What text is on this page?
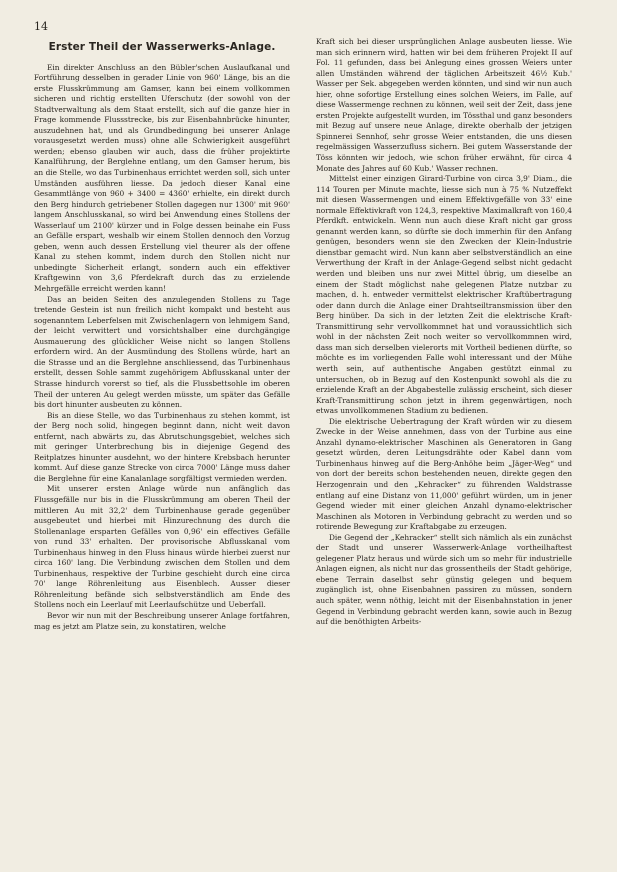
14
Erster Theil der Wasserwerks-Anlage.

Ein direkter Anschluss an den Bübler'schen Auslaufkanal und Fortführung desselben in gerader Linie von 960' Länge, bis an die erste Flusskrümmung am Gamser, kann bei einem vollkommen sicheren und richtig erstellten Uferschutz (der sowohl von der Stadtverwaltung als dem Staat erstellt, sich auf die ganze hier in Frage kommende Flussstrecke, bis zur Eisenbahnbrücke hinunter, auszudehnen hat, und als Grundbedingung bei unserer Anlage vorausgesetzt werden muss) ohne alle Schwierigkeit ausgeführt werden; ebenso glauben wir auch, dass die früher projektirte Kanalführung, der Berglehne entlang, um den Gamser herum, bis an die Stelle, wo das Turbinenhaus errichtet werden soll, sich unter Umständen ausführen liesse. Da jedoch dieser Kanal eine Gesammtlänge von 960 + 3400 = 4360' erhielte, ein direkt durch den Berg hindurch getriebener Stollen dagegen nur 1300' mit 960' langem Anschlusskanal, so wird bei Anwendung eines Stollens der Wasserlauf um 2100' kürzer und in Folge dessen beinahe ein Fuss an Gefälle erspart, weshalb wir einem Stollen dennoch den Vorzug geben, wenn auch dessen Erstellung viel theurer als der offene Kanal zu stehen kommt, indem durch den Stollen nicht nur unbedingte Sicherheit erlangt, sondern auch ein effektiver Kraftgewinn von 3,6 Pferdekraft durch das zu erzielende Mehrgefälle erreicht werden kann!

Das an beiden Seiten des anzulegenden Stollens zu Tage tretende Gestein ist nun freilich nicht kompakt und besteht aus sogenanntem Leberfelsen mit Zwischenlagern von lehmigem Sand, der leicht verwittert und vorsichtshalber eine durchgängige Ausmauerung des glücklicher Weise nicht so langen Stollens erfordern wird. An der Ausmündung des Stollens würde, hart an die Strasse und an die Berglehne anschliessend, das Turbinenhaus erstellt, dessen Sohle sammt zugehörigem Abflusskanal unter der Strasse hindurch vorerst so tief, als die Flussbettsohle im oberen Theil der unteren Au gelegt werden müsste, um später das Gefälle bis dort hinunter ausbeuten zu können.

Bis an diese Stelle, wo das Turbinenhaus zu stehen kommt, ist der Berg noch solid, hingegen beginnt dann, nicht weit davon entfernt, nach abwärts zu, das Abrutschungsgebiet, welches sich mit geringer Unterbrechung bis in diejenige Gegend des Reitplatzes hinunter ausdehnt, wo der hintere Krebsbach herunter kommt. Auf diese ganze Strecke von circa 7000' Länge muss daher die Berglehne für eine Kanalanlage sorgfältigst vermieden werden.

Mit unserer ersten Anlage würde nun anfänglich das Flussgefälle nur bis in die Flusskrümmung am oberen Theil der mittleren Au mit 32,2' dem Turbinenhause gerade gegenüber ausgebeutet und hierbei mit Hinzurechnung des durch die Stollenanlage ersparten Gefälles von 0,96' ein effectives Gefälle von rund 33' erhalten. Der provisorische Abflusskanal vom Turbinenhaus hinweg in den Fluss hinaus würde hierbei zuerst nur circa 160' lang. Die Verbindung zwischen dem Stollen und dem Turbinenhaus, respektive der Turbine geschieht durch eine circa 70' lange Röhrenleitung aus Eisenblech. Ausser dieser Röhrenleitung befände sich selbstverständlich am Ende des Stollens noch ein Leerlauf mit Leerlaufschütze und Ueberfall.

Bevor wir nun mit der Beschreibung unserer Anlage fortfahren, mag es jetzt am Platze sein, zu konstatiren, welche

Kraft sich bei dieser ursprünglichen Anlage ausbeuten liesse. Wie man sich erinnern wird, hatten wir bei dem früheren Projekt II auf Fol. 11 gefunden, dass bei Anlegung eines grossen Weiers unter allen Umständen während der täglichen Arbeitszeit 46½ Kub.' Wasser per Sek. abgegeben werden könnten, und sind wir nun auch hier, ohne sofortige Erstellung eines solchen Weiers, im Falle, auf diese Wassermenge rechnen zu können, weil seit der Zeit, dass jene ersten Projekte aufgestellt wurden, im Tössthal und ganz besonders mit Bezug auf unsere neue Anlage, direkte oberhalb der jetzigen Spinnerei Sennhof, sehr grosse Weier entstanden, die uns diesen regelmässigen Wasserzufluss sichern. Bei gutem Wasserstande der Töss könnten wir jedoch, wie schon früher erwähnt, für circa 4 Monate des Jahres auf 60 Kub.' Wasser rechnen.

Mittelst einer einzigen Girard-Turbine von circa 3,9' Diam., die 114 Touren per Minute machte, liesse sich nun à 75 % Nutzeffekt mit diesen Wassermengen und einem Effektivgefälle von 33' eine normale Effektivkraft von 124,3, respektive Maximalkraft von 160,4 Pferdkft. entwickeln. Wenn nun auch diese Kraft nicht gar gross genannt werden kann, so dürfte sie doch immerhin für den Anfang genügen, besonders wenn sie den Zwecken der Klein-Industrie dienstbar gemacht wird. Nun kann aber selbstverständlich an eine Verwerthung der Kraft in der Anlage-Gegend selbst nicht gedacht werden und bleiben uns nur zwei Mittel übrig, um dieselbe an einem der Stadt möglichst nahe gelegenen Platze nutzbar zu machen, d. h. entweder vermittelst elektrischer Kraftübertragung oder dann durch die Anlage einer Drahtseiltransmission über den Berg hinüber. Da sich in der letzten Zeit die elektrische Kraft-Transmittirung sehr vervollkommnet hat und voraussichtlich sich wohl in der nächsten Zeit noch weiter so vervollkommnen wird, dass man sich derselben vielerorts mit Vortheil bedienen dürfte, so möchte es im vorliegenden Falle wohl interessant und der Mühe werth sein, auf authentische Angaben gestützt einmal zu untersuchen, ob in Bezug auf den Kostenpunkt sowohl als die zu erzielende Kraft an der Abgabestelle zulässig erscheint, sich dieser Kraft-Transmittirung schon jetzt in ihrem gegenwärtigen, noch etwas unvollkommenen Stadium zu bedienen.

Die elektrische Uebertragung der Kraft würden wir zu diesem Zwecke in der Weise annehmen, dass von der Turbine aus eine Anzahl dynamo-elektrischer Maschinen als Generatoren in Gang gesetzt würden, deren Leitungsdrähte oder Kabel dann vom Turbinenhaus hinweg auf die Berg-Anhöhe beim „Jäger-Weg“ und von dort der bereits schon bestehenden neuen, direkte gegen den Herzogenrain und den „Kehracker“ zu führenden Waldstrasse entlang auf eine Distanz von 11,000' geführt würden, um in jener Gegend wieder mit einer gleichen Anzahl dynamo-elektrischer Maschinen als Motoren in Verbindung gebracht zu werden und so rotirende Bewegung zur Kraftabgabe zu erzeugen.

Die Gegend der „Kehracker“ stellt sich nämlich als ein zunächst der Stadt und unserer Wasserwerk-Anlage vortheilhaftest gelegener Platz heraus und würde sich um so mehr für industrielle Anlagen eignen, als nicht nur das grossentheils der Stadt gehörige, ebene Terrain daselbst sehr günstig gelegen und bequem zugänglich ist, ohne Eisenbahnen passiren zu müssen, sondern auch später, wenn nöthig, leicht mit der Eisenbahnstation in jener Gegend in Verbindung gebracht werden kann, sowie auch in Bezug auf die benöthigten Arbeits-
